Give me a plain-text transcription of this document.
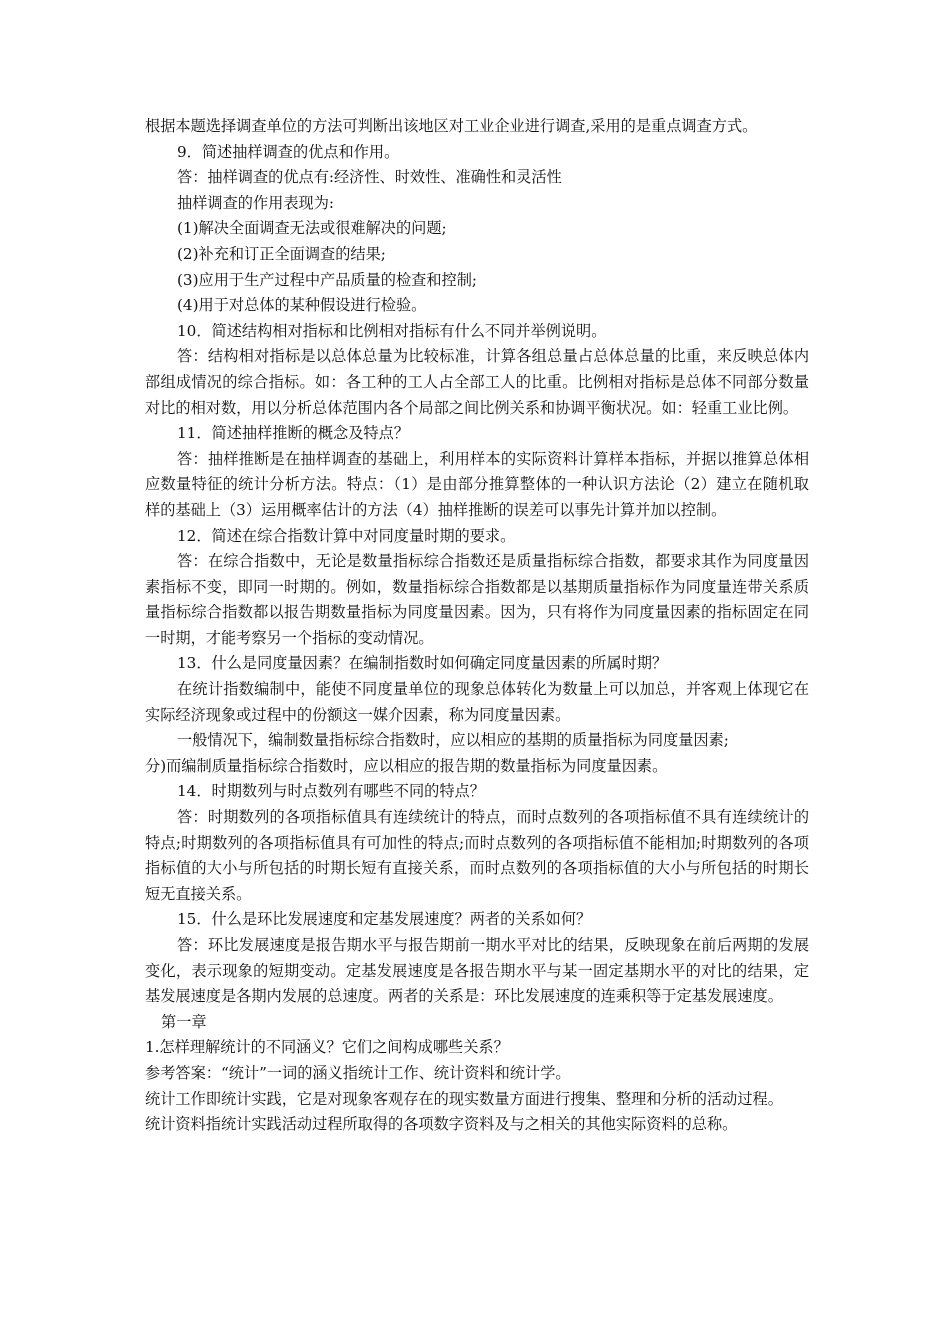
根据本题选择调查单位的方法可判断出该地区对工业企业进行调查,采用的是重点调查方式。

9．简述抽样调查的优点和作用。

答：抽样调查的优点有:经济性、时效性、准确性和灵活性

抽样调查的作用表现为:

(1)解决全面调查无法或很难解决的问题;

(2)补充和订正全面调查的结果;

(3)应用于生产过程中产品质量的检查和控制;

(4)用于对总体的某种假设进行检验。

10．简述结构相对指标和比例相对指标有什么不同并举例说明。

答：结构相对指标是以总体总量为比较标准，计算各组总量占总体总量的比重，来反映总体内部组成情况的综合指标。如：各工种的工人占全部工人的比重。比例相对指标是总体不同部分数量对比的相对数，用以分析总体范围内各个局部之间比例关系和协调平衡状况。如：轻重工业比例。

11．简述抽样推断的概念及特点？

答：抽样推断是在抽样调查的基础上，利用样本的实际资料计算样本指标，并据以推算总体相应数量特征的统计分析方法。特点：（1）是由部分推算整体的一种认识方法论（2）建立在随机取样的基础上（3）运用概率估计的方法（4）抽样推断的误差可以事先计算并加以控制。

12．简述在综合指数计算中对同度量时期的要求。

答：在综合指数中，无论是数量指标综合指数还是质量指标综合指数，都要求其作为同度量因素指标不变，即同一时期的。例如，数量指标综合指数都是以基期质量指标作为同度量连带关系质量指标综合指数都以报告期数量指标为同度量因素。因为，只有将作为同度量因素的指标固定在同一时期，才能考察另一个指标的变动情况。

13．什么是同度量因素？在编制指数时如何确定同度量因素的所属时期？

在统计指数编制中，能使不同度量单位的现象总体转化为数量上可以加总，并客观上体现它在实际经济现象或过程中的份额这一媒介因素，称为同度量因素。

一般情况下，编制数量指标综合指数时，应以相应的基期的质量指标为同度量因素;

分)而编制质量指标综合指数时，应以相应的报告期的数量指标为同度量因素。

14．时期数列与时点数列有哪些不同的特点？

答：时期数列的各项指标值具有连续统计的特点，而时点数列的各项指标值不具有连续统计的特点;时期数列的各项指标值具有可加性的特点;而时点数列的各项指标值不能相加;时期数列的各项指标值的大小与所包括的时期长短有直接关系，而时点数列的各项指标值的大小与所包括的时期长短无直接关系。

15．什么是环比发展速度和定基发展速度？两者的关系如何？

答：环比发展速度是报告期水平与报告期前一期水平对比的结果，反映现象在前后两期的发展变化，表示现象的短期变动。定基发展速度是各报告期水平与某一固定基期水平的对比的结果，定基发展速度是各期内发展的总速度。两者的关系是：环比发展速度的连乘积等于定基发展速度。

第一章

1.怎样理解统计的不同涵义？它们之间构成哪些关系？

参考答案：“统计”一词的涵义指统计工作、统计资料和统计学。

统计工作即统计实践，它是对现象客观存在的现实数量方面进行搜集、整理和分析的活动过程。

统计资料指统计实践活动过程所取得的各项数字资料及与之相关的其他实际资料的总称。
